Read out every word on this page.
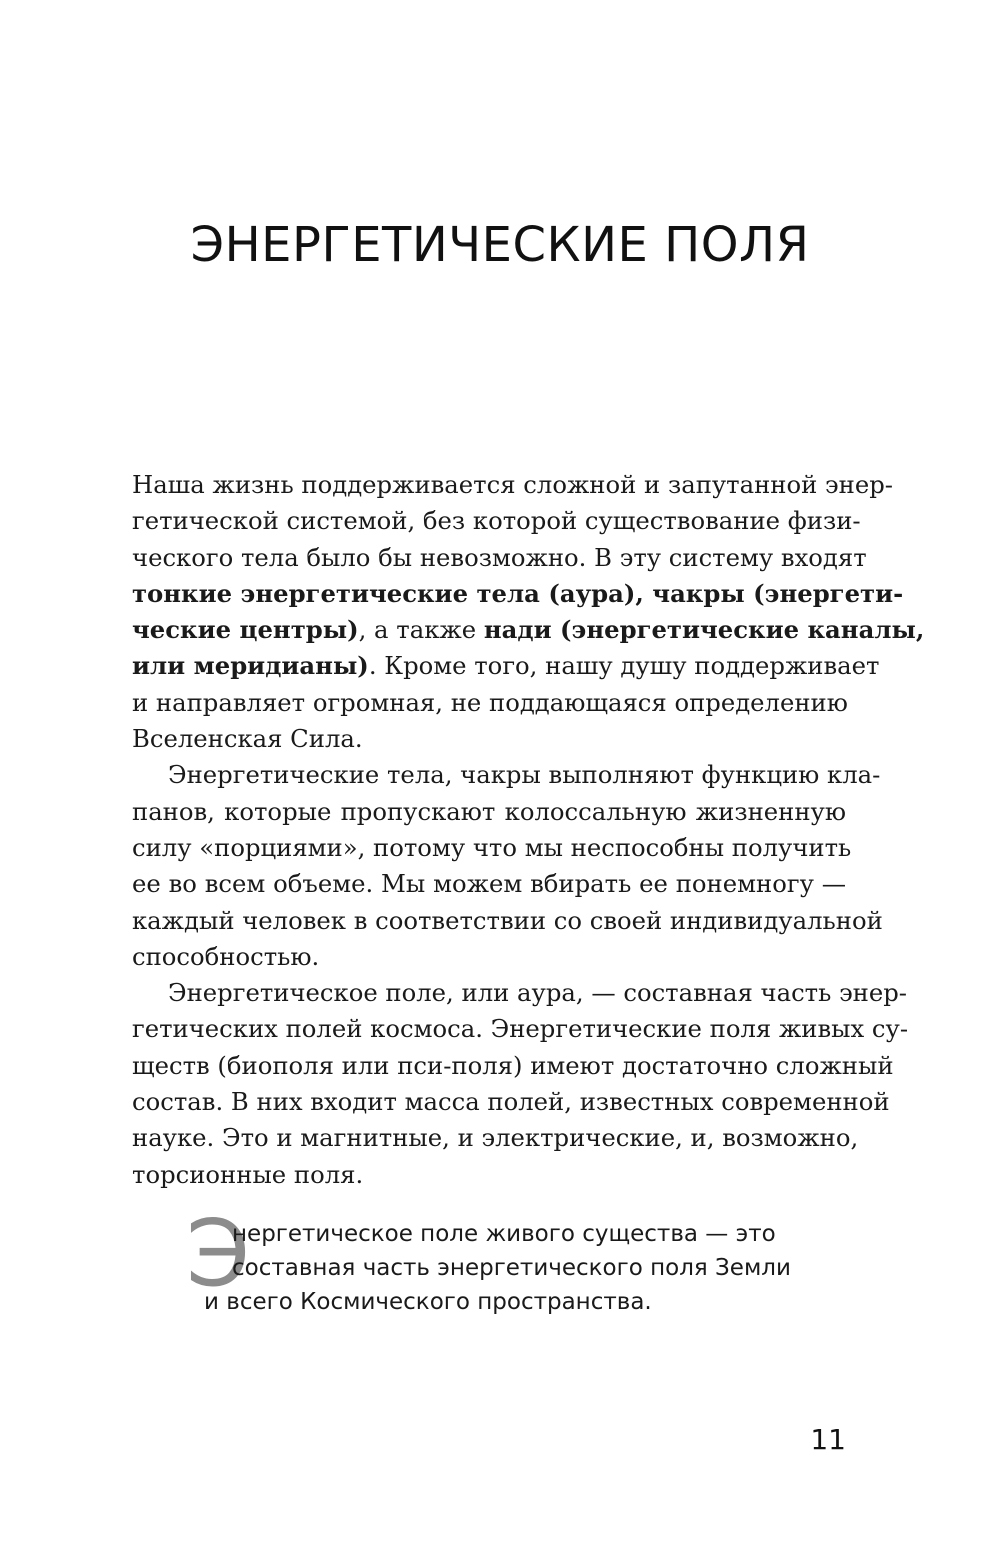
ЭНЕРГЕТИЧЕСКИЕ ПОЛЯ

Наша жизнь поддерживается сложной и запутанной энер-
гетической системой, без которой существование физи-
ческого тела было бы невозможно. В эту систему входят
тонкие энергетические тела (аура), чакры (энергети-
ческие центры), а также нади (энергетические каналы,
или меридианы). Кроме того, нашу душу поддерживает
и направляет огромная, не поддающаяся определению
Вселенская Сила.

Энергетические тела, чакры выполняют функцию кла-
панов, которые пропускают колоссальную жизненную
силу «порциями», потому что мы неспособны получить
ее во всем объеме. Мы можем вбирать ее понемногу —
каждый человек в соответствии со своей индивидуальной
способностью.

Энергетическое поле, или аура, — составная часть энер-
гетических полей космоса. Энергетические поля живых су-
ществ (биополя или пси-поля) имеют достаточно сложный
состав. В них входит масса полей, известных современной
науке. Это и магнитные, и электрические, и, возможно,
торсионные поля.

Э
нергетическое поле живого существа — это
составная часть энергетического поля Земли
и всего Космического пространства.
11
